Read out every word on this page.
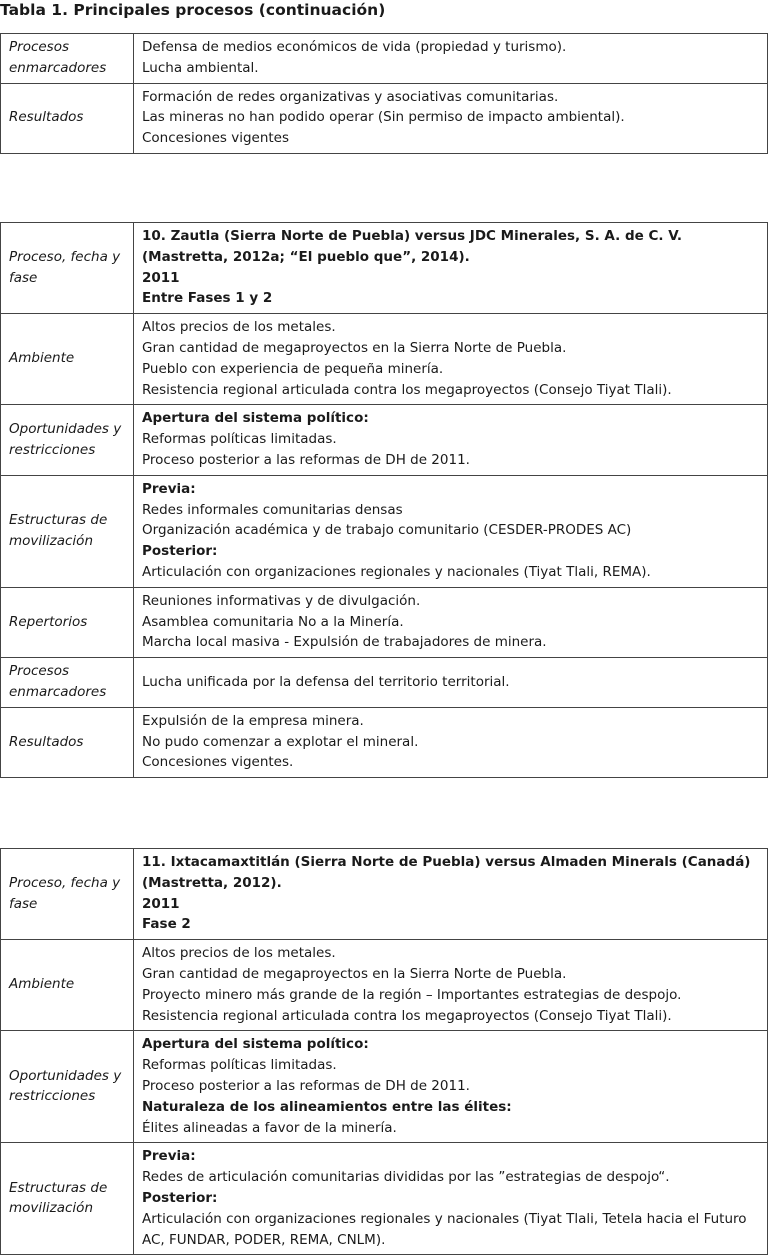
Tabla 1. Principales procesos (continuación)
Procesos enmarcadores	Defensa de medios económicos de vida (propiedad y turismo).
Lucha ambiental.

Resultados	Formación de redes organizativas y asociativas comunitarias.
Las mineras no han podido operar (Sin permiso de impacto ambiental).
Concesiones vigentes
Proceso, fecha y fase	10. Zautla (Sierra Norte de Puebla) versus JDC Minerales, S. A. de C. V. (Mastretta, 2012a; “El pueblo que”, 2014).
2011
Entre Fases 1 y 2

Ambiente	Altos precios de los metales.
Gran cantidad de megaproyectos en la Sierra Norte de Puebla.
Pueblo con experiencia de pequeña minería.
Resistencia regional articulada contra los megaproyectos (Consejo Tiyat Tlali).

Oportunidades y restricciones	Apertura del sistema político:
Reformas políticas limitadas.
Proceso posterior a las reformas de DH de 2011.

Estructuras de movilización	Previa:
Redes informales comunitarias densas
Organización académica y de trabajo comunitario (CESDER-PRODES AC)
Posterior:
Articulación con organizaciones regionales y nacionales (Tiyat Tlali, REMA).

Repertorios	Reuniones informativas y de divulgación.
Asamblea comunitaria No a la Minería.
Marcha local masiva - Expulsión de trabajadores de minera.

Procesos enmarcadores	Lucha unificada por la defensa del territorio territorial.

Resultados	Expulsión de la empresa minera.
No pudo comenzar a explotar el mineral.
Concesiones vigentes.
Proceso, fecha y fase	11. Ixtacamaxtitlán (Sierra Norte de Puebla) versus Almaden Minerals (Canadá) (Mastretta, 2012).
2011
Fase 2

Ambiente	Altos precios de los metales.
Gran cantidad de megaproyectos en la Sierra Norte de Puebla.
Proyecto minero más grande de la región – Importantes estrategias de despojo.
Resistencia regional articulada contra los megaproyectos (Consejo Tiyat Tlali).

Oportunidades y restricciones	Apertura del sistema político:
Reformas políticas limitadas.
Proceso posterior a las reformas de DH de 2011.
Naturaleza de los alineamientos entre las élites:
Élites alineadas a favor de la minería.

Estructuras de movilización	Previa:
Redes de articulación comunitarias divididas por las ”estrategias de despojo“.
Posterior:
Articulación con organizaciones regionales y nacionales (Tiyat Tlali, Tetela hacia el Futuro AC, FUNDAR, PODER, REMA, CNLM).
